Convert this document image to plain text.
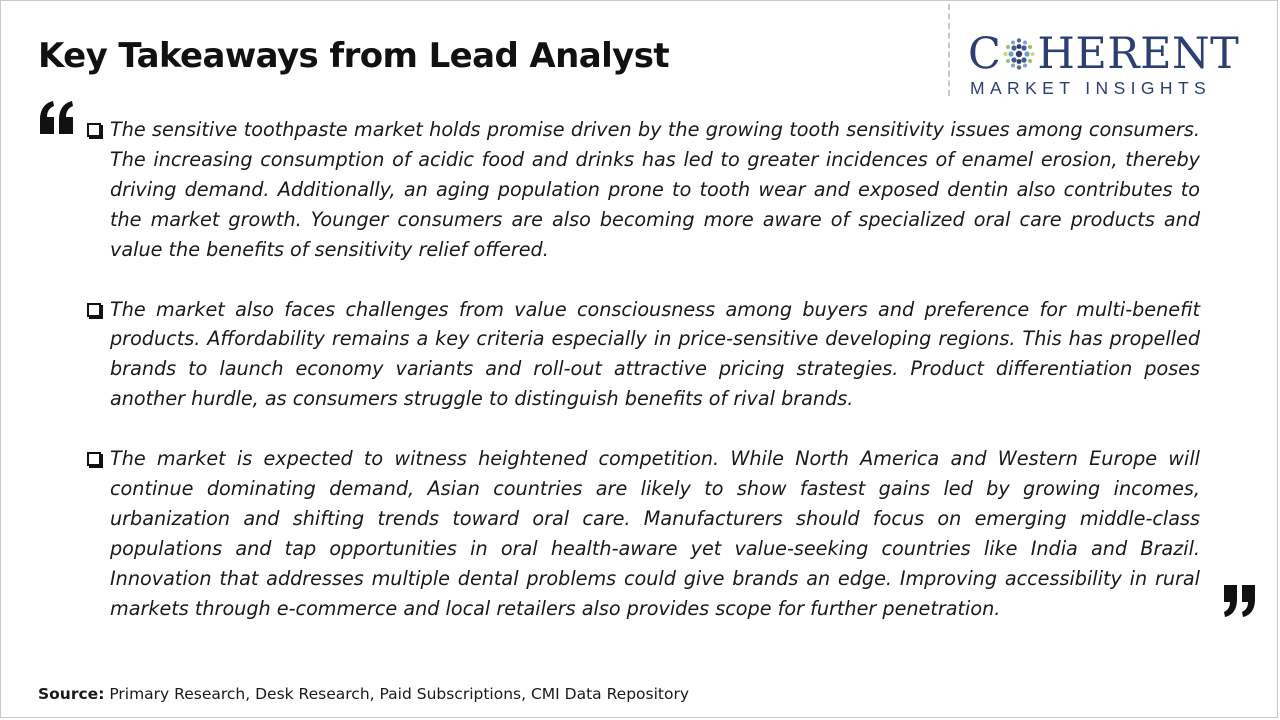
Key Takeaways from Lead Analyst	C HERENT
MARKET INSIGHTS

The sensitive toothpaste market holds promise driven by the growing tooth sensitivity issues among consumers. The increasing consumption of acidic food and drinks has led to greater incidences of enamel erosion, thereby driving demand. Additionally, an aging population prone to tooth wear and exposed dentin also contributes to the market growth. Younger consumers are also becoming more aware of specialized oral care products and value the benefits of sensitivity relief offered.

The market also faces challenges from value consciousness among buyers and preference for multi-benefit products. Affordability remains a key criteria especially in price-sensitive developing regions. This has propelled brands to launch economy variants and roll-out attractive pricing strategies. Product differentiation poses another hurdle, as consumers struggle to distinguish benefits of rival brands.

The market is expected to witness heightened competition. While North America and Western Europe will continue dominating demand, Asian countries are likely to show fastest gains led by growing incomes, urbanization and shifting trends toward oral care. Manufacturers should focus on emerging middle-class populations and tap opportunities in oral health-aware yet value-seeking countries like India and Brazil. Innovation that addresses multiple dental problems could give brands an edge. Improving accessibility in rural markets through e-commerce and local retailers also provides scope for further penetration.

Source: Primary Research, Desk Research, Paid Subscriptions, CMI Data Repository
